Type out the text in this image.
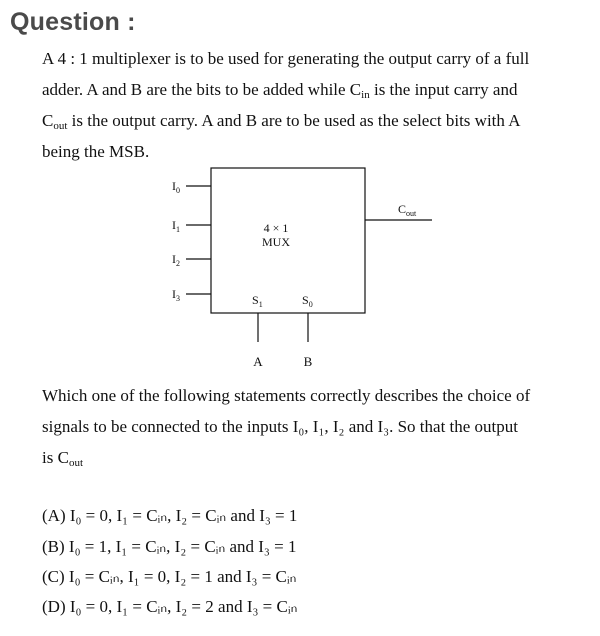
Question :
A 4 : 1 multiplexer is to be used for generating the output carry of a full
adder. A and B are the bits to be added while $C_{in}$ is the input carry and
$C_{out}$ is the output carry. A and B are to be used as the select bits with A
being the MSB.
$I_0$
$I_1$
$I_2$
$I_3$
4 × 1
MUX
$S_1$	$S_0$
$C_{out}$
A	B
Which one of the following statements correctly describes the choice of
signals to be connected to the inputs I₀, I₁, I₂ and I₃. So that the output
is $C_{out}$
(A) I₀ = 0, I₁ = Cᵢₙ, I₂ = Cᵢₙ and I₃ = 1
(B) I₀ = 1, I₁ = Cᵢₙ, I₂ = Cᵢₙ and I₃ = 1
(C) I₀ = Cᵢₙ, I₁ = 0, I₂ = 1 and I₃ = Cᵢₙ
(D) I₀ = 0, I₁ = Cᵢₙ, I₂ = 2 and I₃ = Cᵢₙ
